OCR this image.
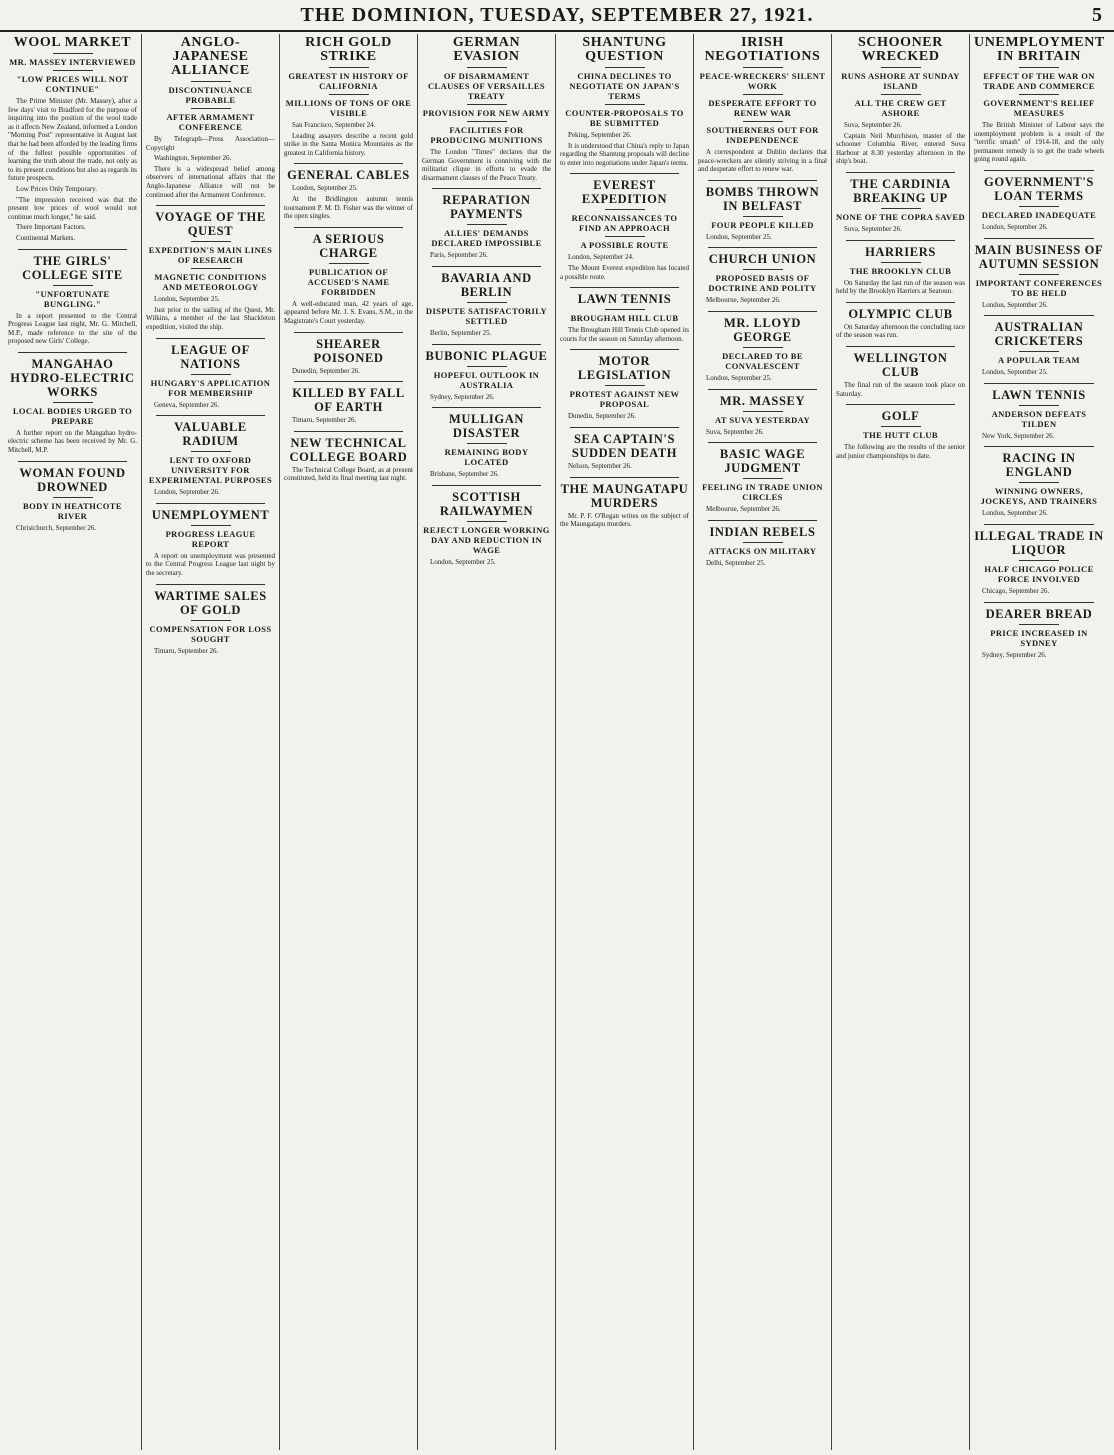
THE DOMINION, TUESDAY, SEPTEMBER 27, 1921.	5
WOOL MARKET
MR. MASSEY INTERVIEWED
"LOW PRICES WILL NOT CONTINUE"

The Prime Minister (Mr. Massey), after a few days' visit to Bradford for the purpose of inquiring into the position of the wool trade as it affects New Zealand, informed a London "Morning Post" representative in August last that he had been afforded by the leading firms of the fullest possible opportunities of learning the truth about the trade, not only as to its present conditions but also as regards its future prospects.

Low Prices Only Temporary.

"The impression received was that the present low prices of wool would not continue much longer," he said.

There Important Factors.

Continental Markets.

THE GIRLS' COLLEGE SITE
"UNFORTUNATE BUNGLING."

In a report presented to the Central Progress League last night, Mr. G. Mitchell, M.P., made reference to the site of the proposed new Girls' College.

MANGAHAO HYDRO-ELECTRIC WORKS
LOCAL BODIES URGED TO PREPARE

A further report on the Mangahao hydro-electric scheme has been received by Mr. G. Mitchell, M.P.

WOMAN FOUND DROWNED
BODY IN HEATHCOTE RIVER

Christchurch, September 26.

ANGLO-JAPANESE ALLIANCE
DISCONTINUANCE PROBABLE
AFTER ARMAMENT CONFERENCE

By Telegraph—Press Association—Copyright

Washington, September 26.

There is a widespread belief among observers of international affairs that the Anglo-Japanese Alliance will not be continued after the Armament Conference.

VOYAGE OF THE QUEST
EXPEDITION'S MAIN LINES OF RESEARCH
MAGNETIC CONDITIONS AND METEOROLOGY

London, September 25.

Just prior to the sailing of the Quest, Mr. Wilkins, a member of the last Shackleton expedition, visited the ship.

LEAGUE OF NATIONS
HUNGARY'S APPLICATION FOR MEMBERSHIP

Geneva, September 26.

VALUABLE RADIUM
LENT TO OXFORD UNIVERSITY FOR EXPERIMENTAL PURPOSES

London, September 26.

UNEMPLOYMENT
PROGRESS LEAGUE REPORT

A report on unemployment was presented to the Central Progress League last night by the secretary.

WARTIME SALES OF GOLD
COMPENSATION FOR LOSS SOUGHT

Timaru, September 26.

RICH GOLD STRIKE
GREATEST IN HISTORY OF CALIFORNIA
MILLIONS OF TONS OF ORE VISIBLE

San Francisco, September 24.

Leading assayers describe a recent gold strike in the Santa Monica Mountains as the greatest in California history.

GENERAL CABLES

London, September 25.

At the Bridlington autumn tennis tournament P. M. D. Fisher was the winner of the open singles.

A SERIOUS CHARGE
PUBLICATION OF ACCUSED'S NAME FORBIDDEN

A well-educated man, 42 years of age, appeared before Mr. J. S. Evans, S.M., in the Magistrate's Court yesterday.

SHEARER POISONED

Dunedin, September 26.

KILLED BY FALL OF EARTH

Timaru, September 26.

NEW TECHNICAL COLLEGE BOARD

The Technical College Board, as at present constituted, held its final meeting last night.

GERMAN EVASION
OF DISARMAMENT CLAUSES OF VERSAILLES TREATY
PROVISION FOR NEW ARMY
FACILITIES FOR PRODUCING MUNITIONS

The London "Times" declares that the German Government is conniving with the militarist clique in efforts to evade the disarmament clauses of the Peace Treaty.

REPARATION PAYMENTS
ALLIES' DEMANDS DECLARED IMPOSSIBLE

Paris, September 26.

BAVARIA AND BERLIN
DISPUTE SATISFACTORILY SETTLED

Berlin, September 25.

BUBONIC PLAGUE
HOPEFUL OUTLOOK IN AUSTRALIA

Sydney, September 26.

MULLIGAN DISASTER
REMAINING BODY LOCATED

Brisbane, September 26.

SCOTTISH RAILWAYMEN
REJECT LONGER WORKING DAY AND REDUCTION IN WAGE

London, September 25.

SHANTUNG QUESTION
CHINA DECLINES TO NEGOTIATE ON JAPAN'S TERMS
COUNTER-PROPOSALS TO BE SUBMITTED

Peking, September 26.

It is understood that China's reply to Japan regarding the Shantung proposals will decline to enter into negotiations under Japan's terms.

EVEREST EXPEDITION
RECONNAISSANCES TO FIND AN APPROACH
A POSSIBLE ROUTE

London, September 24.

The Mount Everest expedition has located a possible route.

LAWN TENNIS
BROUGHAM HILL CLUB

The Brougham Hill Tennis Club opened its courts for the season on Saturday afternoon.

MOTOR LEGISLATION
PROTEST AGAINST NEW PROPOSAL

Dunedin, September 26.

SEA CAPTAIN'S SUDDEN DEATH

Nelson, September 26.

THE MAUNGATAPU MURDERS

Mr. P. F. O'Regan writes on the subject of the Maungatapu murders.

IRISH NEGOTIATIONS
PEACE-WRECKERS' SILENT WORK
DESPERATE EFFORT TO RENEW WAR
SOUTHERNERS OUT FOR INDEPENDENCE

A correspondent at Dublin declares that peace-wreckers are silently striving in a final and desperate effort to renew war.

BOMBS THROWN IN BELFAST
FOUR PEOPLE KILLED

London, September 25.

CHURCH UNION
PROPOSED BASIS OF DOCTRINE AND POLITY

Melbourne, September 26.

MR. LLOYD GEORGE
DECLARED TO BE CONVALESCENT

London, September 25.

MR. MASSEY
AT SUVA YESTERDAY

Suva, September 26.

BASIC WAGE JUDGMENT
FEELING IN TRADE UNION CIRCLES

Melbourne, September 26.

INDIAN REBELS
ATTACKS ON MILITARY

Delhi, September 25.

SCHOONER WRECKED
RUNS ASHORE AT SUNDAY ISLAND
ALL THE CREW GET ASHORE

Suva, September 26.

Captain Neil Murchison, master of the schooner Columbia River, entered Suva Harbour at 8.30 yesterday afternoon in the ship's boat.

THE CARDINIA BREAKING UP
NONE OF THE COPRA SAVED

Suva, September 26.

HARRIERS
THE BROOKLYN CLUB

On Saturday the last run of the season was held by the Brooklyn Harriers at Seatoun.

OLYMPIC CLUB

On Saturday afternoon the concluding race of the season was run.

WELLINGTON CLUB

The final run of the season took place on Saturday.

GOLF
THE HUTT CLUB

The following are the results of the senior and junior championships to date.

UNEMPLOYMENT IN BRITAIN
EFFECT OF THE WAR ON TRADE AND COMMERCE
GOVERNMENT'S RELIEF MEASURES

The British Minister of Labour says the unemployment problem is a result of the "terrific smash" of 1914-18, and the only permanent remedy is to get the trade wheels going round again.

GOVERNMENT'S LOAN TERMS
DECLARED INADEQUATE

London, September 26.

MAIN BUSINESS OF AUTUMN SESSION
IMPORTANT CONFERENCES TO BE HELD

London, September 26.

AUSTRALIAN CRICKETERS
A POPULAR TEAM

London, September 25.

LAWN TENNIS
ANDERSON DEFEATS TILDEN

New York, September 26.

RACING IN ENGLAND
WINNING OWNERS, JOCKEYS, AND TRAINERS

London, September 26.

ILLEGAL TRADE IN LIQUOR
HALF CHICAGO POLICE FORCE INVOLVED

Chicago, September 26.

DEARER BREAD
PRICE INCREASED IN SYDNEY

Sydney, September 26.
